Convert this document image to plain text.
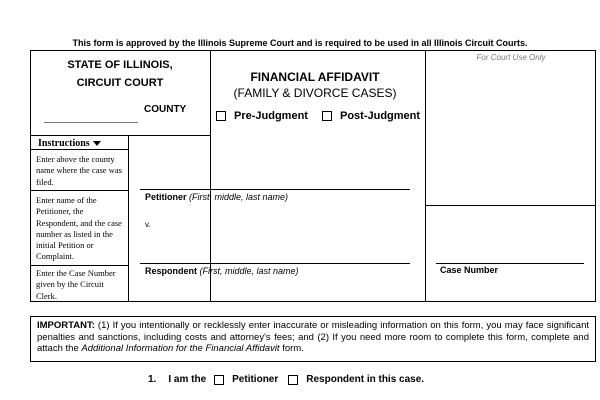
This form is approved by the Illinois Supreme Court and is required to be used in all Illinois Circuit Courts.
STATE OF ILLINOIS,
CIRCUIT COURT
COUNTY
FINANCIAL AFFIDAVIT
(FAMILY & DIVORCE CASES)
Pre-Judgment	Post-Judgment
For Court Use Only
Instructions
Enter above the county name where the case was filed.
Enter name of the Petitioner, the Respondent, and the case number as listed in the initial Petition or Complaint.
Enter the Case Number given by the Circuit Clerk.
Petitioner (First, middle, last name)
v.
Respondent (First, middle, last name)	Case Number
IMPORTANT: (1) If you intentionally or recklessly enter inaccurate or misleading information on this form, you may face significant penalties and sanctions, including costs and attorney's fees; and (2) If you need more room to complete this form, complete and attach the Additional Information for the Financial Affidavit form.
1. I am the	Petitioner	Respondent in this case.
